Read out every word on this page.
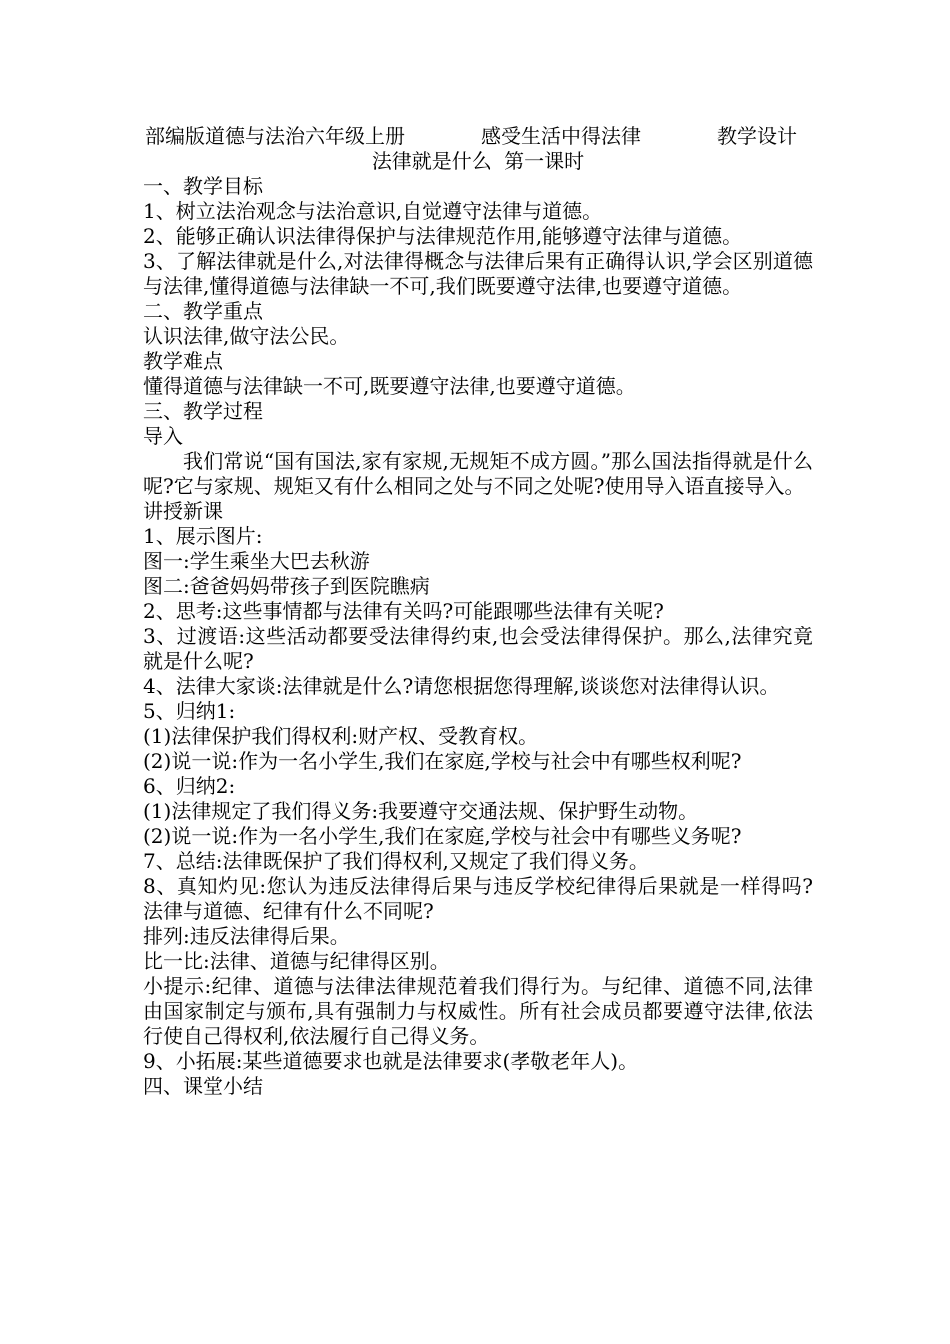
部编版道德与法治六年级上册	感受生活中得法律	教学设计
法律就是什么 第一课时
一、教学目标
1、树立法治观念与法治意识,自觉遵守法律与道德。
2、能够正确认识法律得保护与法律规范作用,能够遵守法律与道德。

3、了解法律就是什么,对法律得概念与法律后果有正确得认识,学会区别道德与法律,懂得道德与法律缺一不可,我们既要遵守法律,也要遵守道德。

二、教学重点
认识法律,做守法公民。
教学难点
懂得道德与法律缺一不可,既要遵守法律,也要遵守道德。
三、教学过程
导入

我们常说“国有国法,家有家规,无规矩不成方圆。”那么国法指得就是什么呢?它与家规、规矩又有什么相同之处与不同之处呢?使用导入语直接导入。

讲授新课
1、展示图片:
图一:学生乘坐大巴去秋游
图二:爸爸妈妈带孩子到医院瞧病
2、思考:这些事情都与法律有关吗?可能跟哪些法律有关呢?

3、过渡语:这些活动都要受法律得约束,也会受法律得保护。那么,法律究竟就是什么呢?

4、法律大家谈:法律就是什么?请您根据您得理解,谈谈您对法律得认识。

5、归纳1:
(1)法律保护我们得权利:财产权、受教育权。

(2)说一说:作为一名小学生,我们在家庭,学校与社会中有哪些权利呢?

6、归纳2:
(1)法律规定了我们得义务:我要遵守交通法规、保护野生动物。

(2)说一说:作为一名小学生,我们在家庭,学校与社会中有哪些义务呢?

7、总结:法律既保护了我们得权利,又规定了我们得义务。

8、真知灼见:您认为违反法律得后果与违反学校纪律得后果就是一样得吗?法律与道德、纪律有什么不同呢?

排列:违反法律得后果。
比一比:法律、道德与纪律得区别。

小提示:纪律、道德与法律法律规范着我们得行为。与纪律、道德不同,法律由国家制定与颁布,具有强制力与权威性。所有社会成员都要遵守法律,依法行使自己得权利,依法履行自己得义务。

9、小拓展:某些道德要求也就是法律要求(孝敬老年人)。
四、课堂小结
